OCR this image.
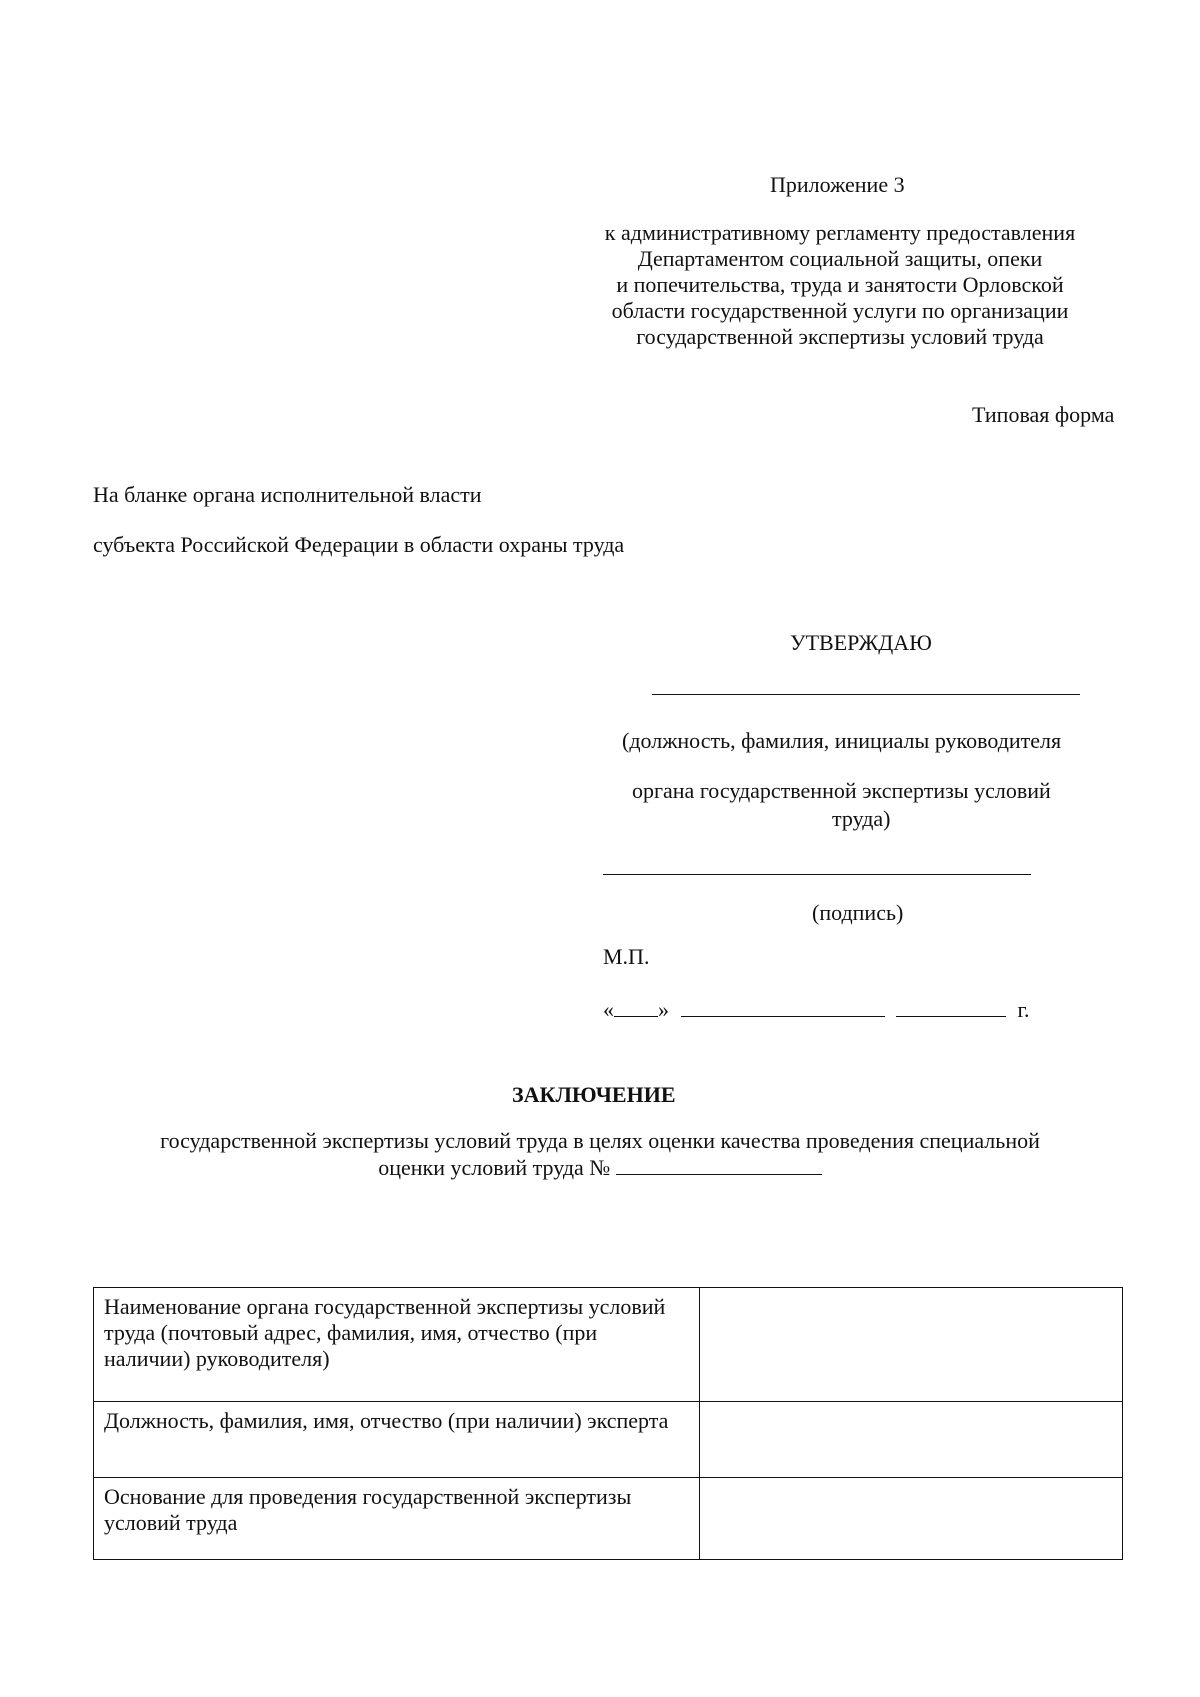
Приложение 3
к административному регламенту предоставления
Департаментом социальной защиты, опеки
и попечительства, труда и занятости Орловской
области государственной услуги по организации
государственной экспертизы условий труда
Типовая форма
На бланке органа исполнительной власти
субъекта Российской Федерации в области охраны труда
УТВЕРЖДАЮ
(должность, фамилия, инициалы руководителя
органа государственной экспертизы условий
труда)
(подпись)
М.П.
« »	г.
ЗАКЛЮЧЕНИЕ
государственной экспертизы условий труда в целях оценки качества проведения специальной
оценки условий труда №
Наименование органа государственной экспертизы условий труда (почтовый адрес, фамилия, имя, отчество (при наличии) руководителя)	
Должность, фамилия, имя, отчество (при наличии) эксперта	
Основание для проведения государственной экспертизы условий труда	
